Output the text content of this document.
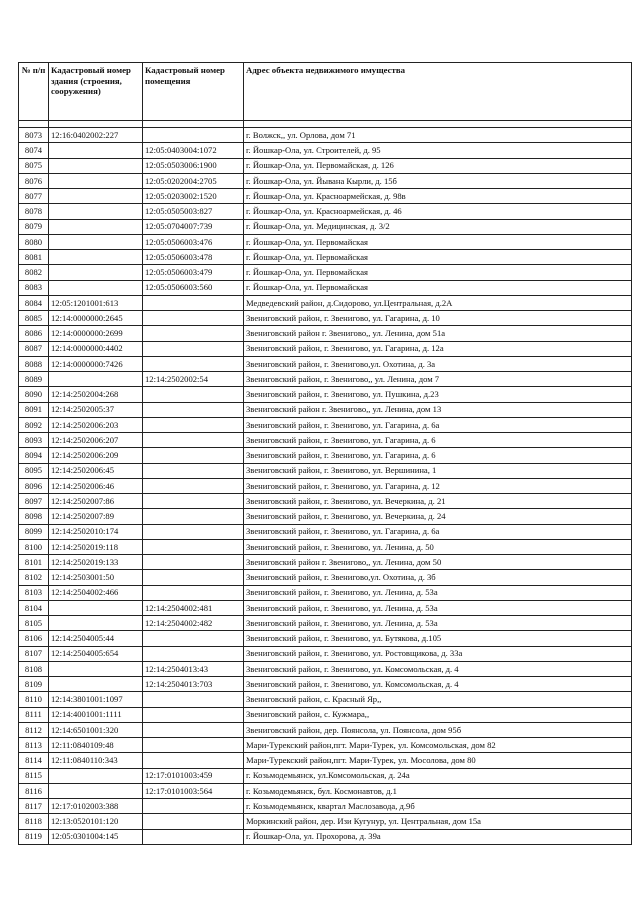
№ п/п	Кадастровый номер здания (строения, сооружения)	Кадастровый номер помещения	Адрес объекта недвижимого имущества

8073	12:16:0402002:227		г. Волжск,, ул. Орлова, дом 71
8074		12:05:0403004:1072	г. Йошкар-Ола, ул. Строителей, д. 95
8075		12:05:0503006:1900	г. Йошкар-Ола, ул. Первомайская, д. 126
8076		12:05:0202004:2705	г. Йошкар-Ола, ул. Йывана Кырли, д. 15б
8077		12:05:0203002:1520	г. Йошкар-Ола, ул. Красноармейская, д. 98в
8078		12:05:0505003:827	г. Йошкар-Ола, ул. Красноармейская, д. 46
8079		12:05:0704007:739	г. Йошкар-Ола, ул. Медицинская, д. 3/2
8080		12:05:0506003:476	г. Йошкар-Ола, ул. Первомайская
8081		12:05:0506003:478	г. Йошкар-Ола, ул. Первомайская
8082		12:05:0506003:479	г. Йошкар-Ола, ул. Первомайская
8083		12:05:0506003:560	г. Йошкар-Ола, ул. Первомайская
8084	12:05:1201001:613		Медведевский район, д.Сидорово, ул.Центральная, д.2А
8085	12:14:0000000:2645		Звениговский район, г. Звенигово, ул. Гагарина, д. 10
8086	12:14:0000000:2699		Звениговский район г. Звенигово,, ул. Ленина, дом 51а
8087	12:14:0000000:4402		Звениговский район, г. Звенигово, ул. Гагарина, д. 12а
8088	12:14:0000000:7426		Звениговский район, г. Звенигово,ул. Охотина, д. 3а
8089		12:14:2502002:54	Звениговский район, г. Звенигово,, ул. Ленина, дом 7
8090	12:14:2502004:268		Звениговский район, г. Звенигово, ул. Пушкина, д.23
8091	12:14:2502005:37		Звениговский район г. Звенигово,, ул. Ленина, дом 13
8092	12:14:2502006:203		Звениговский район, г. Звенигово, ул. Гагарина, д. 6а
8093	12:14:2502006:207		Звениговский район, г. Звенигово, ул. Гагарина, д. 6
8094	12:14:2502006:209		Звениговский район, г. Звенигово, ул. Гагарина, д. 6
8095	12:14:2502006:45		Звениговский район, г. Звенигово, ул. Вершинина, 1
8096	12:14:2502006:46		Звениговский район, г. Звенигово, ул. Гагарина, д. 12
8097	12:14:2502007:86		Звениговский район, г. Звенигово, ул. Вечеркина, д. 21
8098	12:14:2502007:89		Звениговский район, г. Звенигово, ул. Вечеркина, д. 24
8099	12:14:2502010:174		Звениговский район, г. Звенигово, ул. Гагарина, д. 6а
8100	12:14:2502019:118		Звениговский район, г. Звенигово, ул. Ленина, д. 50
8101	12:14:2502019:133		Звениговский район г. Звенигово,, ул. Ленина, дом 50
8102	12:14:2503001:50		Звениговский район, г. Звенигово,ул. Охотина, д. 3б
8103	12:14:2504002:466		Звениговский район, г. Звенигово, ул. Ленина, д. 53а
8104		12:14:2504002:481	Звениговский район, г. Звенигово, ул. Ленина, д. 53а
8105		12:14:2504002:482	Звениговский район, г. Звенигово, ул. Ленина, д. 53а
8106	12:14:2504005:44		Звениговский район, г. Звенигово, ул. Бутякова, д.105
8107	12:14:2504005:654		Звениговский район, г. Звенигово, ул. Ростовщикова, д. 33а
8108		12:14:2504013:43	Звениговский район, г. Звенигово, ул. Комсомольская, д. 4
8109		12:14:2504013:703	Звениговский район, г. Звенигово, ул. Комсомольская, д. 4
8110	12:14:3801001:1097		Звениговский район, с. Красный Яр,,
8111	12:14:4001001:1111		Звениговский район, с. Кужмара,,
8112	12:14:6501001:320		Звениговский район, дер. Поянсола, ул. Поянсола, дом 95б
8113	12:11:0840109:48		Мари-Турекский район,пгт. Мари-Турек, ул. Комсомольская, дом 82
8114	12:11:0840110:343		Мари-Турекский район,пгт. Мари-Турек, ул. Мосолова, дом 80
8115		12:17:0101003:459	г. Козьмодемьянск, ул.Комсомольская, д. 24а
8116		12:17:0101003:564	г. Козьмодемьянск, бул. Космонавтов, д.1
8117	12:17:0102003:388		г. Козьмодемьянск, квартал Маслозавода, д.9б
8118	12:13:0520101:120		Моркинский район, дер. Изи Кугунур, ул. Центральная, дом 15а
8119	12:05:0301004:145		г. Йошкар-Ола, ул. Прохорова, д. 39а
